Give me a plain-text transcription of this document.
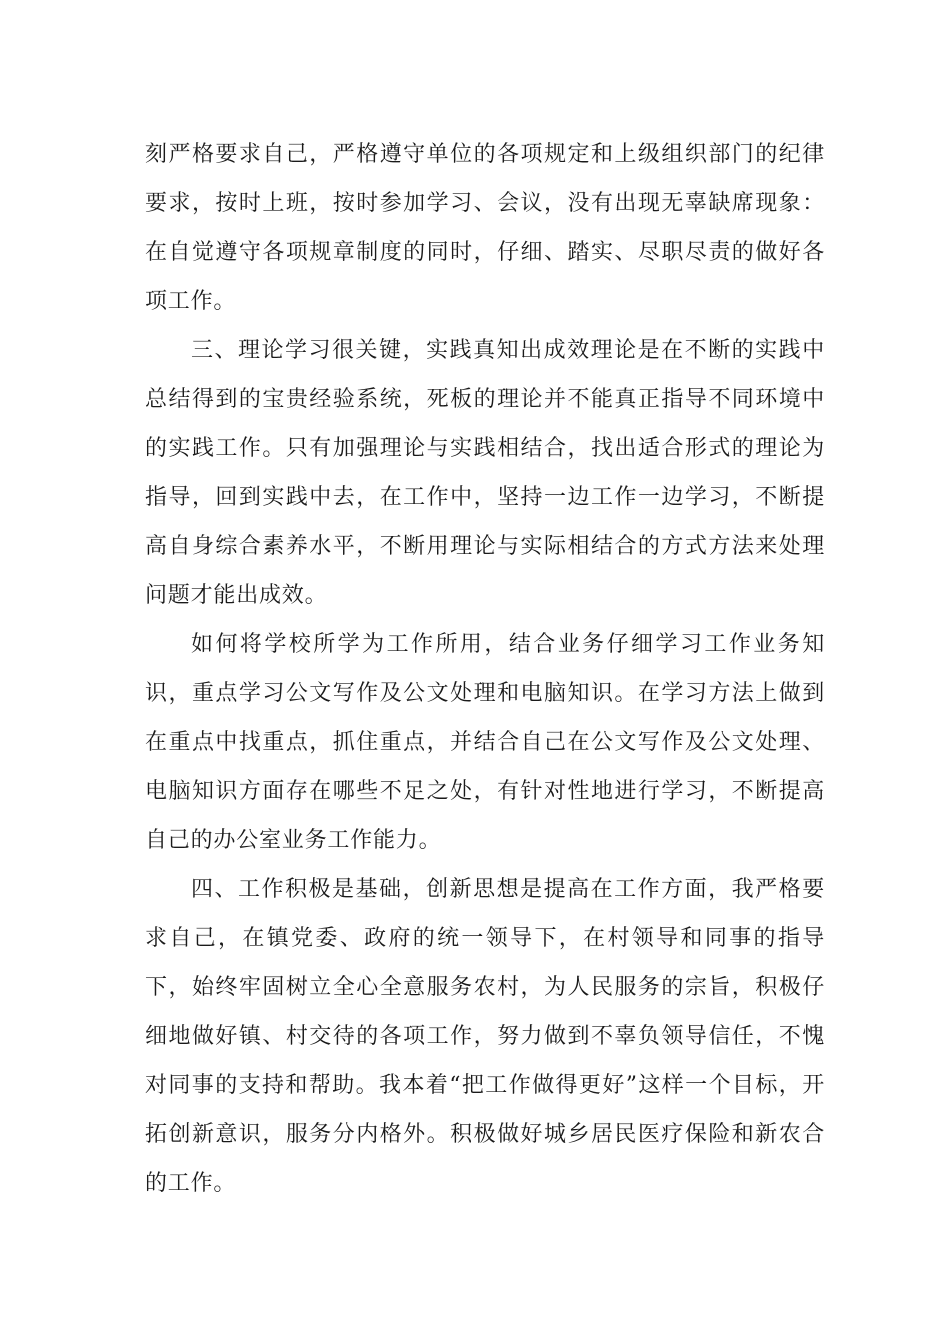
刻严格要求自己，严格遵守单位的各项规定和上级组织部门的纪律要求，按时上班，按时参加学习、会议，没有出现无辜缺席现象：在自觉遵守各项规章制度的同时，仔细、踏实、尽职尽责的做好各项工作。

三、理论学习很关键，实践真知出成效理论是在不断的实践中总结得到的宝贵经验系统，死板的理论并不能真正指导不同环境中的实践工作。只有加强理论与实践相结合，找出适合形式的理论为指导，回到实践中去，在工作中，坚持一边工作一边学习，不断提高自身综合素养水平，不断用理论与实际相结合的方式方法来处理问题才能出成效。

如何将学校所学为工作所用，结合业务仔细学习工作业务知识，重点学习公文写作及公文处理和电脑知识。在学习方法上做到在重点中找重点，抓住重点，并结合自己在公文写作及公文处理、电脑知识方面存在哪些不足之处，有针对性地进行学习，不断提高自己的办公室业务工作能力。

四、工作积极是基础，创新思想是提高在工作方面，我严格要求自己，在镇党委、政府的统一领导下，在村领导和同事的指导下，始终牢固树立全心全意服务农村，为人民服务的宗旨，积极仔细地做好镇、村交待的各项工作，努力做到不辜负领导信任，不愧对同事的支持和帮助。我本着“把工作做得更好”这样一个目标，开拓创新意识，服务分内格外。积极做好城乡居民医疗保险和新农合的工作。
